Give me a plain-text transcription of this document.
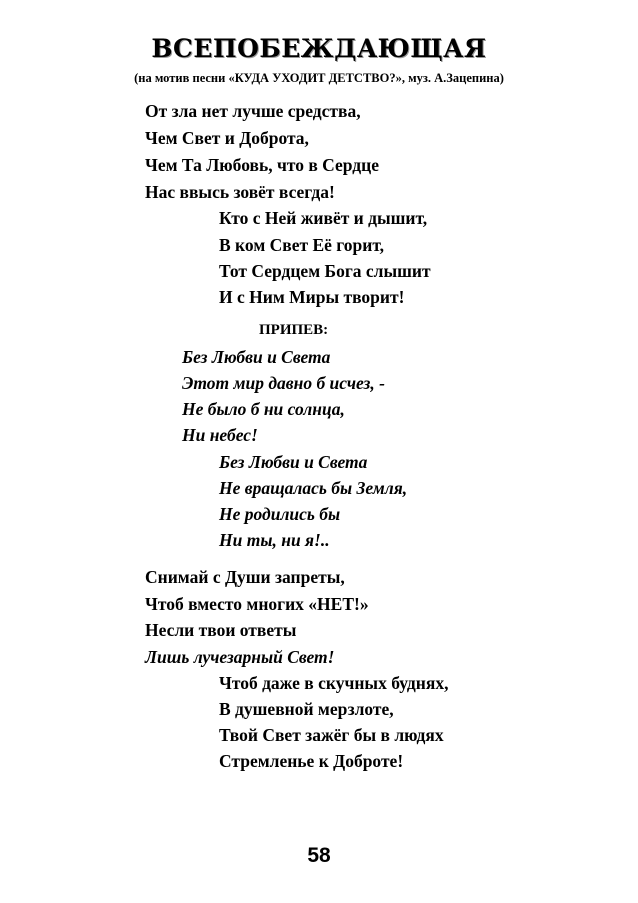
ВСЕПОБЕЖДАЮЩАЯ
(на мотив песни «КУДА УХОДИТ ДЕТСТВО?», муз. А.Зацепина)
От зла нет лучше средства,
Чем Свет и Доброта,
Чем Та Любовь, что в Сердце
Нас ввысь зовёт всегда!
Кто с Ней живёт и дышит,
В ком Свет Её горит,
Тот Сердцем Бога слышит
И с Ним Миры творит!
ПРИПЕВ:
Без Любви и Света
Этот мир давно б исчез, -
Не было б ни солнца,
Ни небес!
Без Любви и Света
Не вращалась бы Земля,
Не родились бы
Ни ты, ни я!..
Снимай с Души запреты,
Чтоб вместо многих «НЕТ!»
Несли твои ответы
Лишь лучезарный Свет!
Чтоб даже в скучных буднях,
В душевной мерзлоте,
Твой Свет зажёг бы в людях
Стремленье к Доброте!
58
